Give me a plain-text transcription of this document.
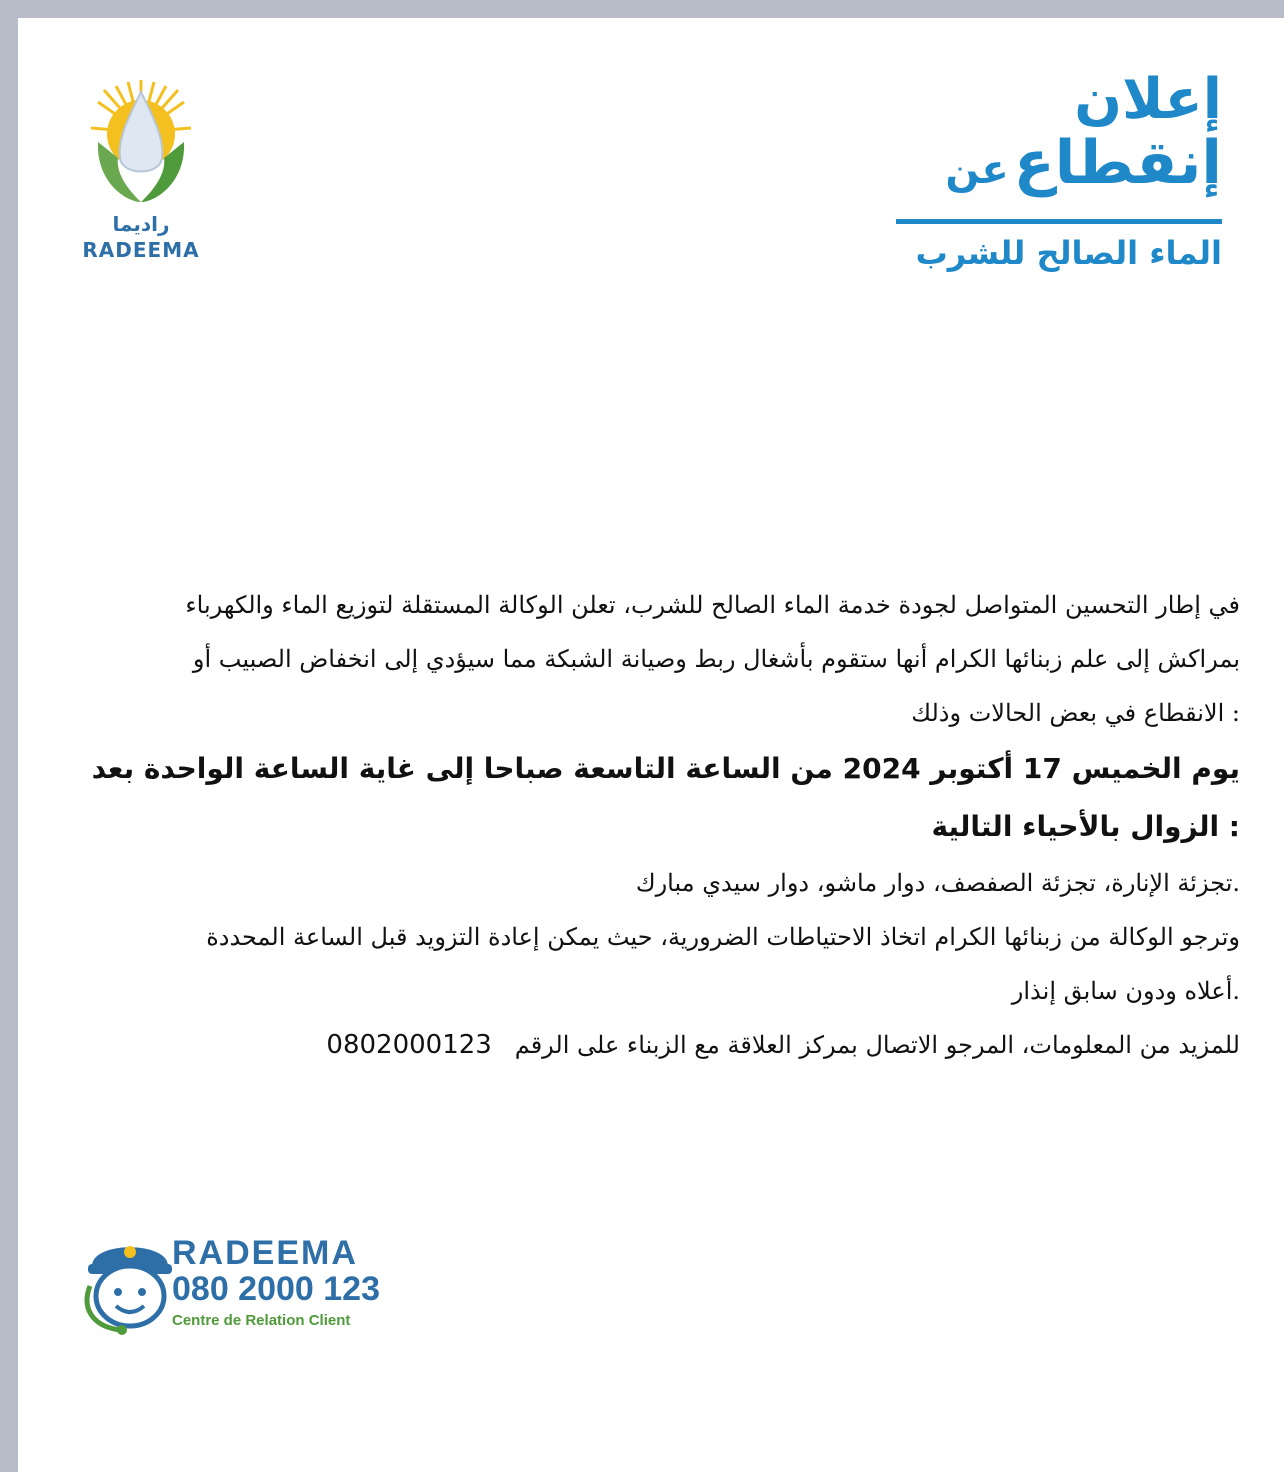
راديما
RADEEMA
إعلان
إنقطاع عن
الماء الصالح للشرب

في إطار التحسين المتواصل لجودة خدمة الماء الصالح للشرب، تعلن الوكالة المستقلة لتوزيع الماء والكهرباء

بمراكش إلى علم زبنائها الكرام أنها ستقوم بأشغال ربط وصيانة الشبكة مما سيؤدي إلى انخفاض الصبيب أو

: الانقطاع في بعض الحالات وذلك

يوم الخميس 17 أكتوبر 2024 من الساعة التاسعة صباحا إلى غاية الساعة الواحدة بعد

: الزوال بالأحياء التالية

.تجزئة الإنارة، تجزئة الصفصف، دوار ماشو، دوار سيدي مبارك

وترجو الوكالة من زبنائها الكرام اتخاذ الاحتياطات الضرورية، حيث يمكن إعادة التزويد قبل الساعة المحددة

.أعلاه ودون سابق إنذار

للمزيد من المعلومات، المرجو الاتصال بمركز العلاقة مع الزبناء على الرقم   0802000123

RADEEMA
080 2000 123
Centre de Relation Client
